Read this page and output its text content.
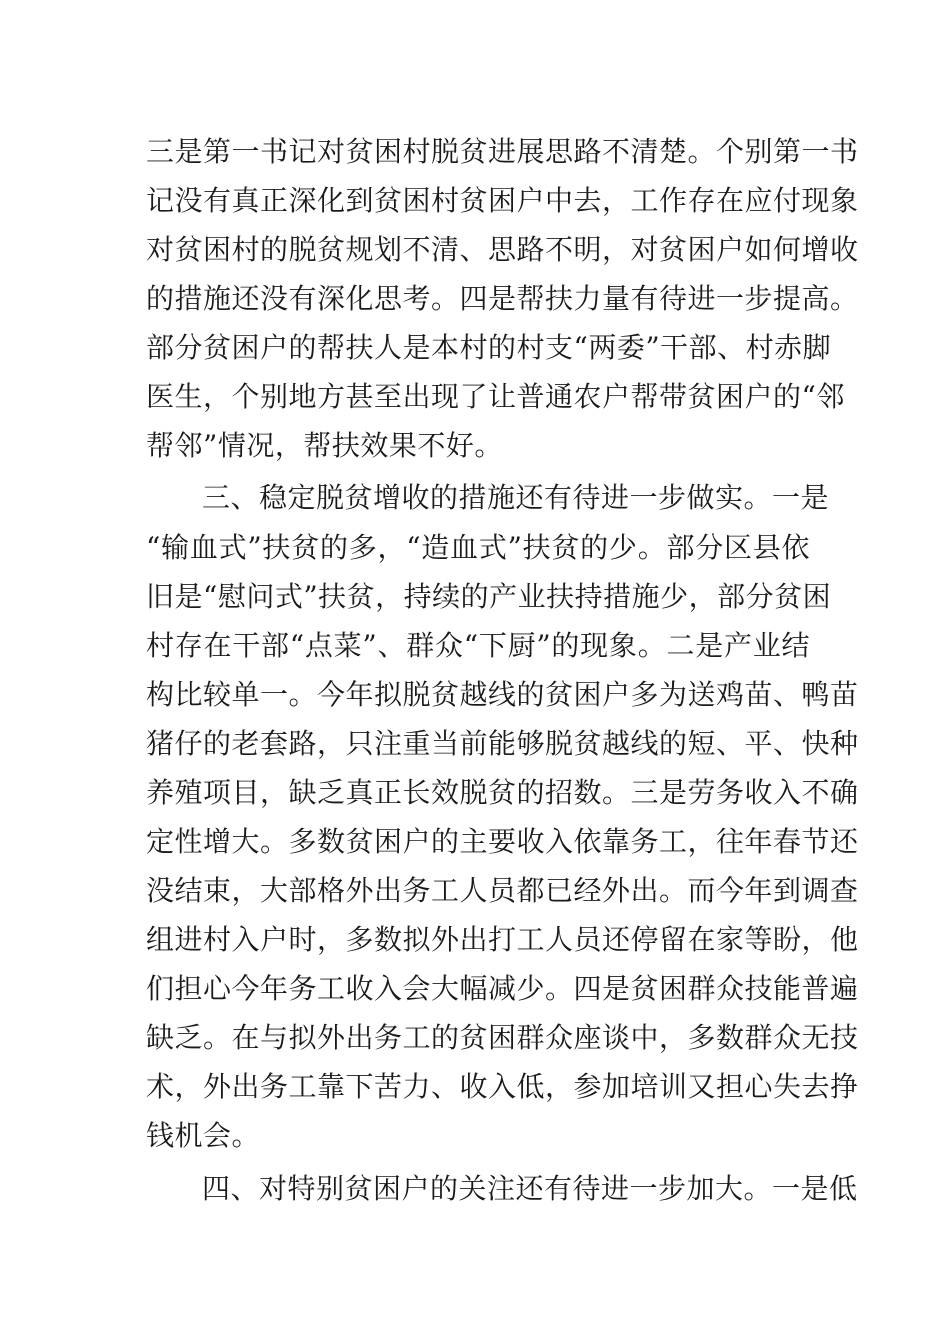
三是第一书记对贫困村脱贫进展思路不清楚。个别第一书
记没有真正深化到贫困村贫困户中去，工作存在应付现象
对贫困村的脱贫规划不清、思路不明，对贫困户如何增收
的措施还没有深化思考。四是帮扶力量有待进一步提高。
部分贫困户的帮扶人是本村的村支“两委”干部、村赤脚
医生，个别地方甚至出现了让普通农户帮带贫困户的“邻
帮邻”情况，帮扶效果不好。
三、稳定脱贫增收的措施还有待进一步做实。一是
“输血式”扶贫的多，“造血式”扶贫的少。部分区县依
旧是“慰问式”扶贫，持续的产业扶持措施少，部分贫困
村存在干部“点菜”、群众“下厨”的现象。二是产业结
构比较单一。今年拟脱贫越线的贫困户多为送鸡苗、鸭苗
猪仔的老套路，只注重当前能够脱贫越线的短、平、快种
养殖项目，缺乏真正长效脱贫的招数。三是劳务收入不确
定性增大。多数贫困户的主要收入依靠务工，往年春节还
没结束，大部格外出务工人员都已经外出。而今年到调查
组进村入户时，多数拟外出打工人员还停留在家等盼，他
们担心今年务工收入会大幅减少。四是贫困群众技能普遍
缺乏。在与拟外出务工的贫困群众座谈中，多数群众无技
术，外出务工靠下苦力、收入低，参加培训又担心失去挣
钱机会。
四、对特别贫困户的关注还有待进一步加大。一是低
